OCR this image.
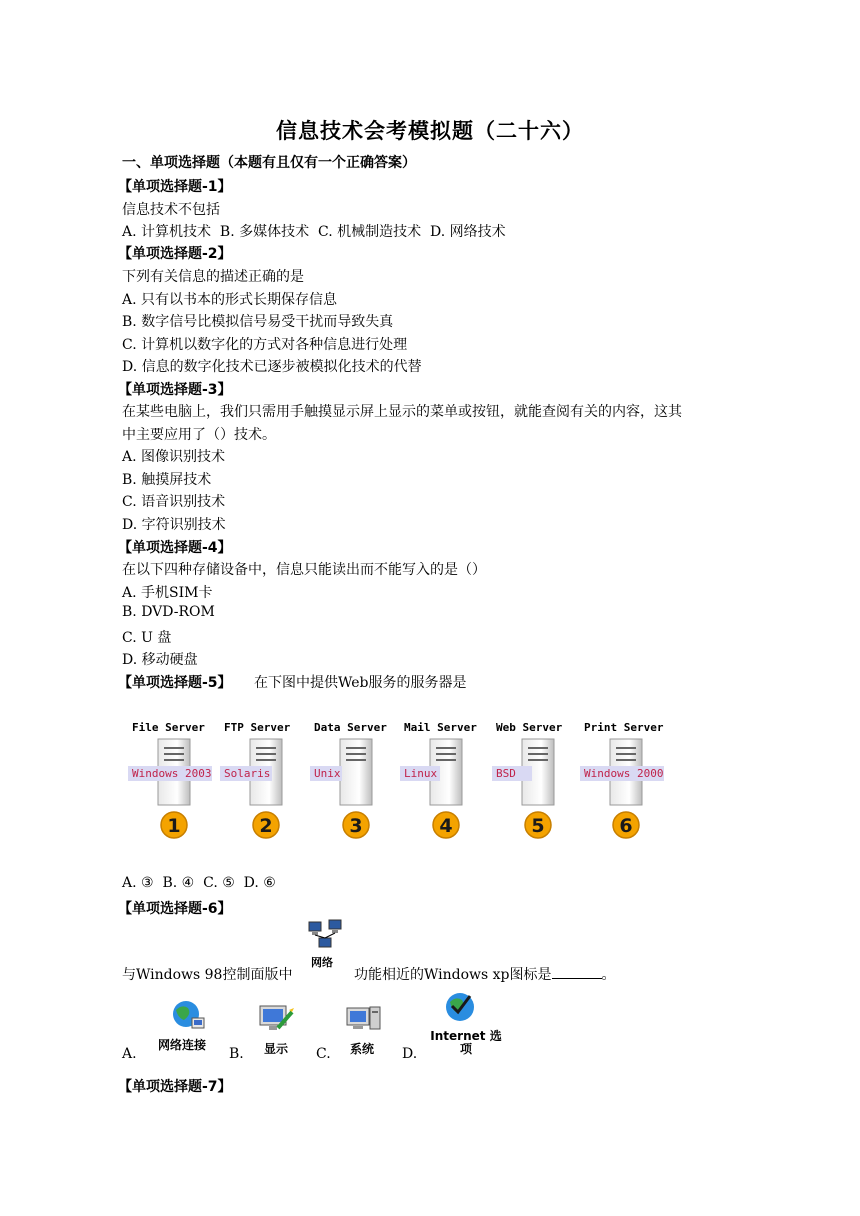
信息技术会考模拟题（二十六）
一、单项选择题（本题有且仅有一个正确答案）
【单项选择题-1】
信息技术不包括
A. 计算机技术  B. 多媒体技术  C. 机械制造技术  D. 网络技术
【单项选择题-2】
下列有关信息的描述正确的是
A. 只有以书本的形式长期保存信息
B. 数字信号比模拟信号易受干扰而导致失真
C. 计算机以数字化的方式对各种信息进行处理
D. 信息的数字化技术已逐步被模拟化技术的代替
【单项选择题-3】
在某些电脑上，我们只需用手触摸显示屏上显示的菜单或按钮，就能查阅有关的内容，这其
中主要应用了（）技术。
A. 图像识别技术
B. 触摸屏技术
C. 语音识别技术
D. 字符识别技术
【单项选择题-4】
在以下四种存储设备中，信息只能读出而不能写入的是（）
A. 手机SIM卡
B. DVD-ROM
C. U 盘
D. 移动硬盘
【单项选择题-5】 在下图中提供Web服务的服务器是
File Server
Windows 2003
1
FTP Server
Solaris
2
Data Server
Unix
3
Mail Server
Linux
4
Web Server
BSD
5
Print Server
Windows 2000
6
A. ③  B. ④  C. ⑤  D. ⑥
【单项选择题-6】
与Windows 98控制面版中
网络
功能相近的Windows xp图标是	。
A.
网络连接
B. 显示 C. 系统 D.
Internet 选项
【单项选择题-7】
